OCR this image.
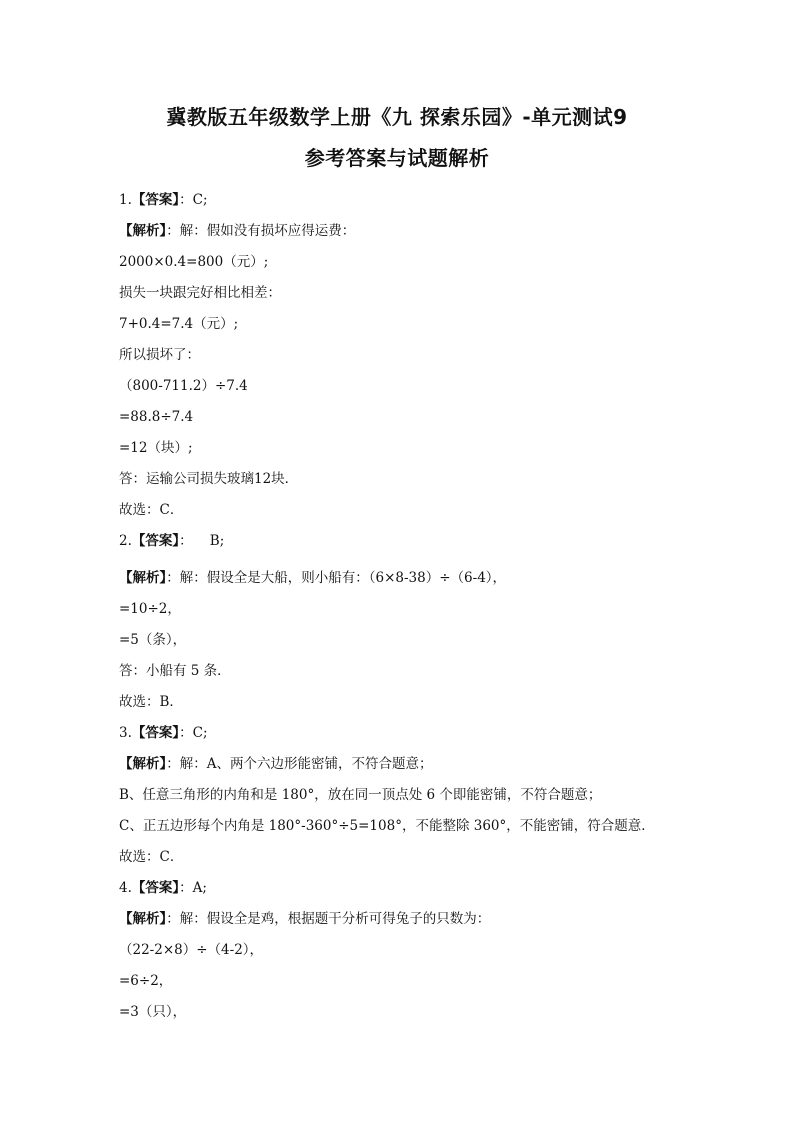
冀教版五年级数学上册《九 探索乐园》-单元测试9
参考答案与试题解析
1.【答案】：C;
【解析】：解：假如没有损坏应得运费：
2000×0.4=800（元）;
损失一块跟完好相比相差：
7+0.4=7.4（元）;
所以损坏了：
（800-711.2）÷7.4
=88.8÷7.4
=12（块）;
答：运输公司损失玻璃12块．
故选：C．
2.【答案】：    B;
【解析】：解：假设全是大船，则小船有：（6×8-38）÷（6-4），
=10÷2，
=5（条），
答：小船有 5 条．
故选：B．
3.【答案】：C;
【解析】：解：A、两个六边形能密铺，不符合题意；
B、任意三角形的内角和是 180°，放在同一顶点处 6 个即能密铺，不符合题意；
C、正五边形每个内角是 180°-360°÷5=108°，不能整除 360°，不能密铺，符合题意．
故选：C．
4.【答案】：A;
【解析】：解：假设全是鸡，根据题干分析可得兔子的只数为：
（22-2×8）÷（4-2），
=6÷2，
=3（只），
